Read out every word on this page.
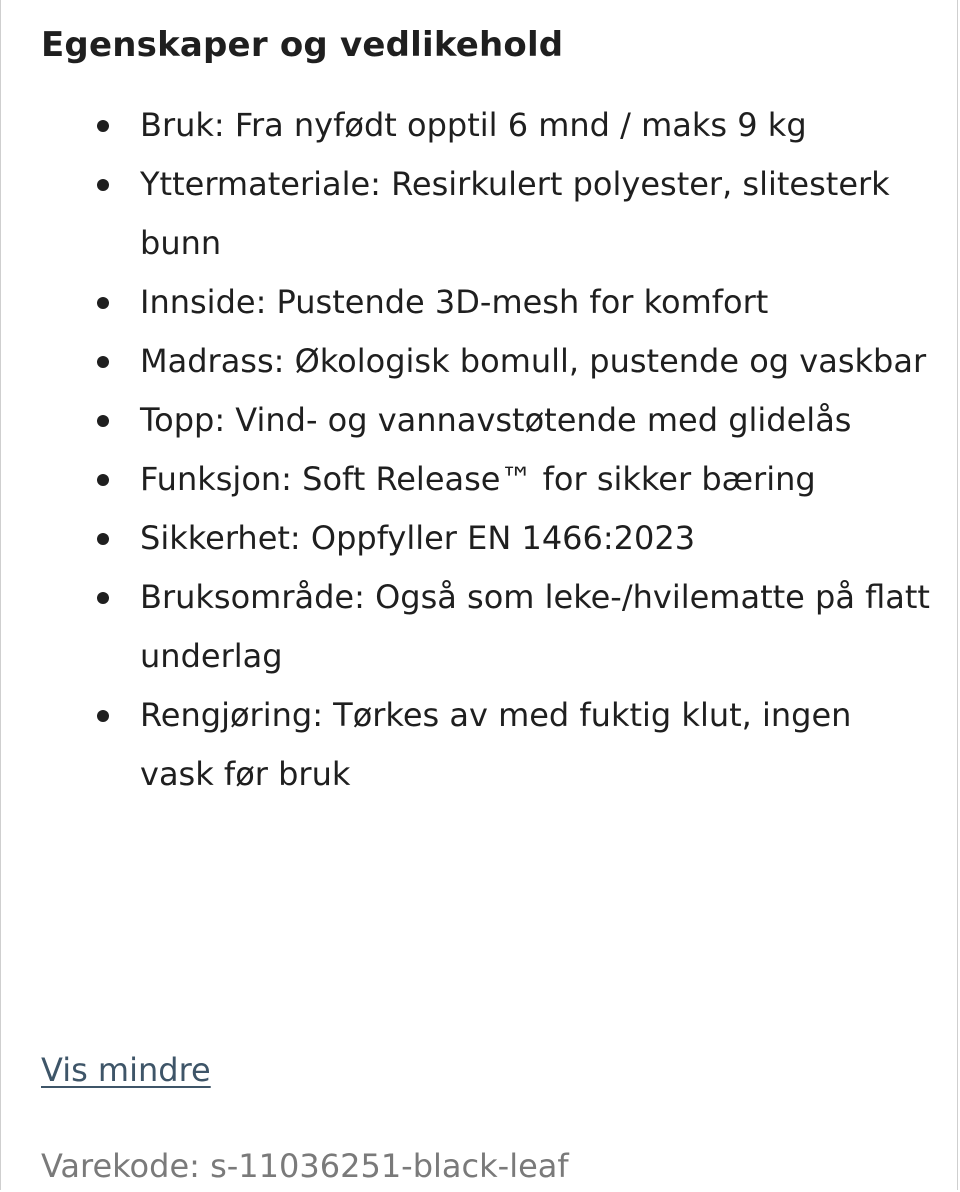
Egenskaper og vedlikehold
Bruk: Fra nyfødt opptil 6 mnd / maks 9 kg
Yttermateriale: Resirkulert polyester, slitesterk bunn
Innside: Pustende 3D-mesh for komfort
Madrass: Økologisk bomull, pustende og vaskbar
Topp: Vind- og vannavstøtende med glidelås
Funksjon: Soft Release™ for sikker bæring
Sikkerhet: Oppfyller EN 1466:2023
Bruksområde: Også som leke-/hvilematte på flatt underlag
Rengjøring: Tørkes av med fuktig klut, ingen vask før bruk
Vis mindre
Varekode: s-11036251-black-leaf
